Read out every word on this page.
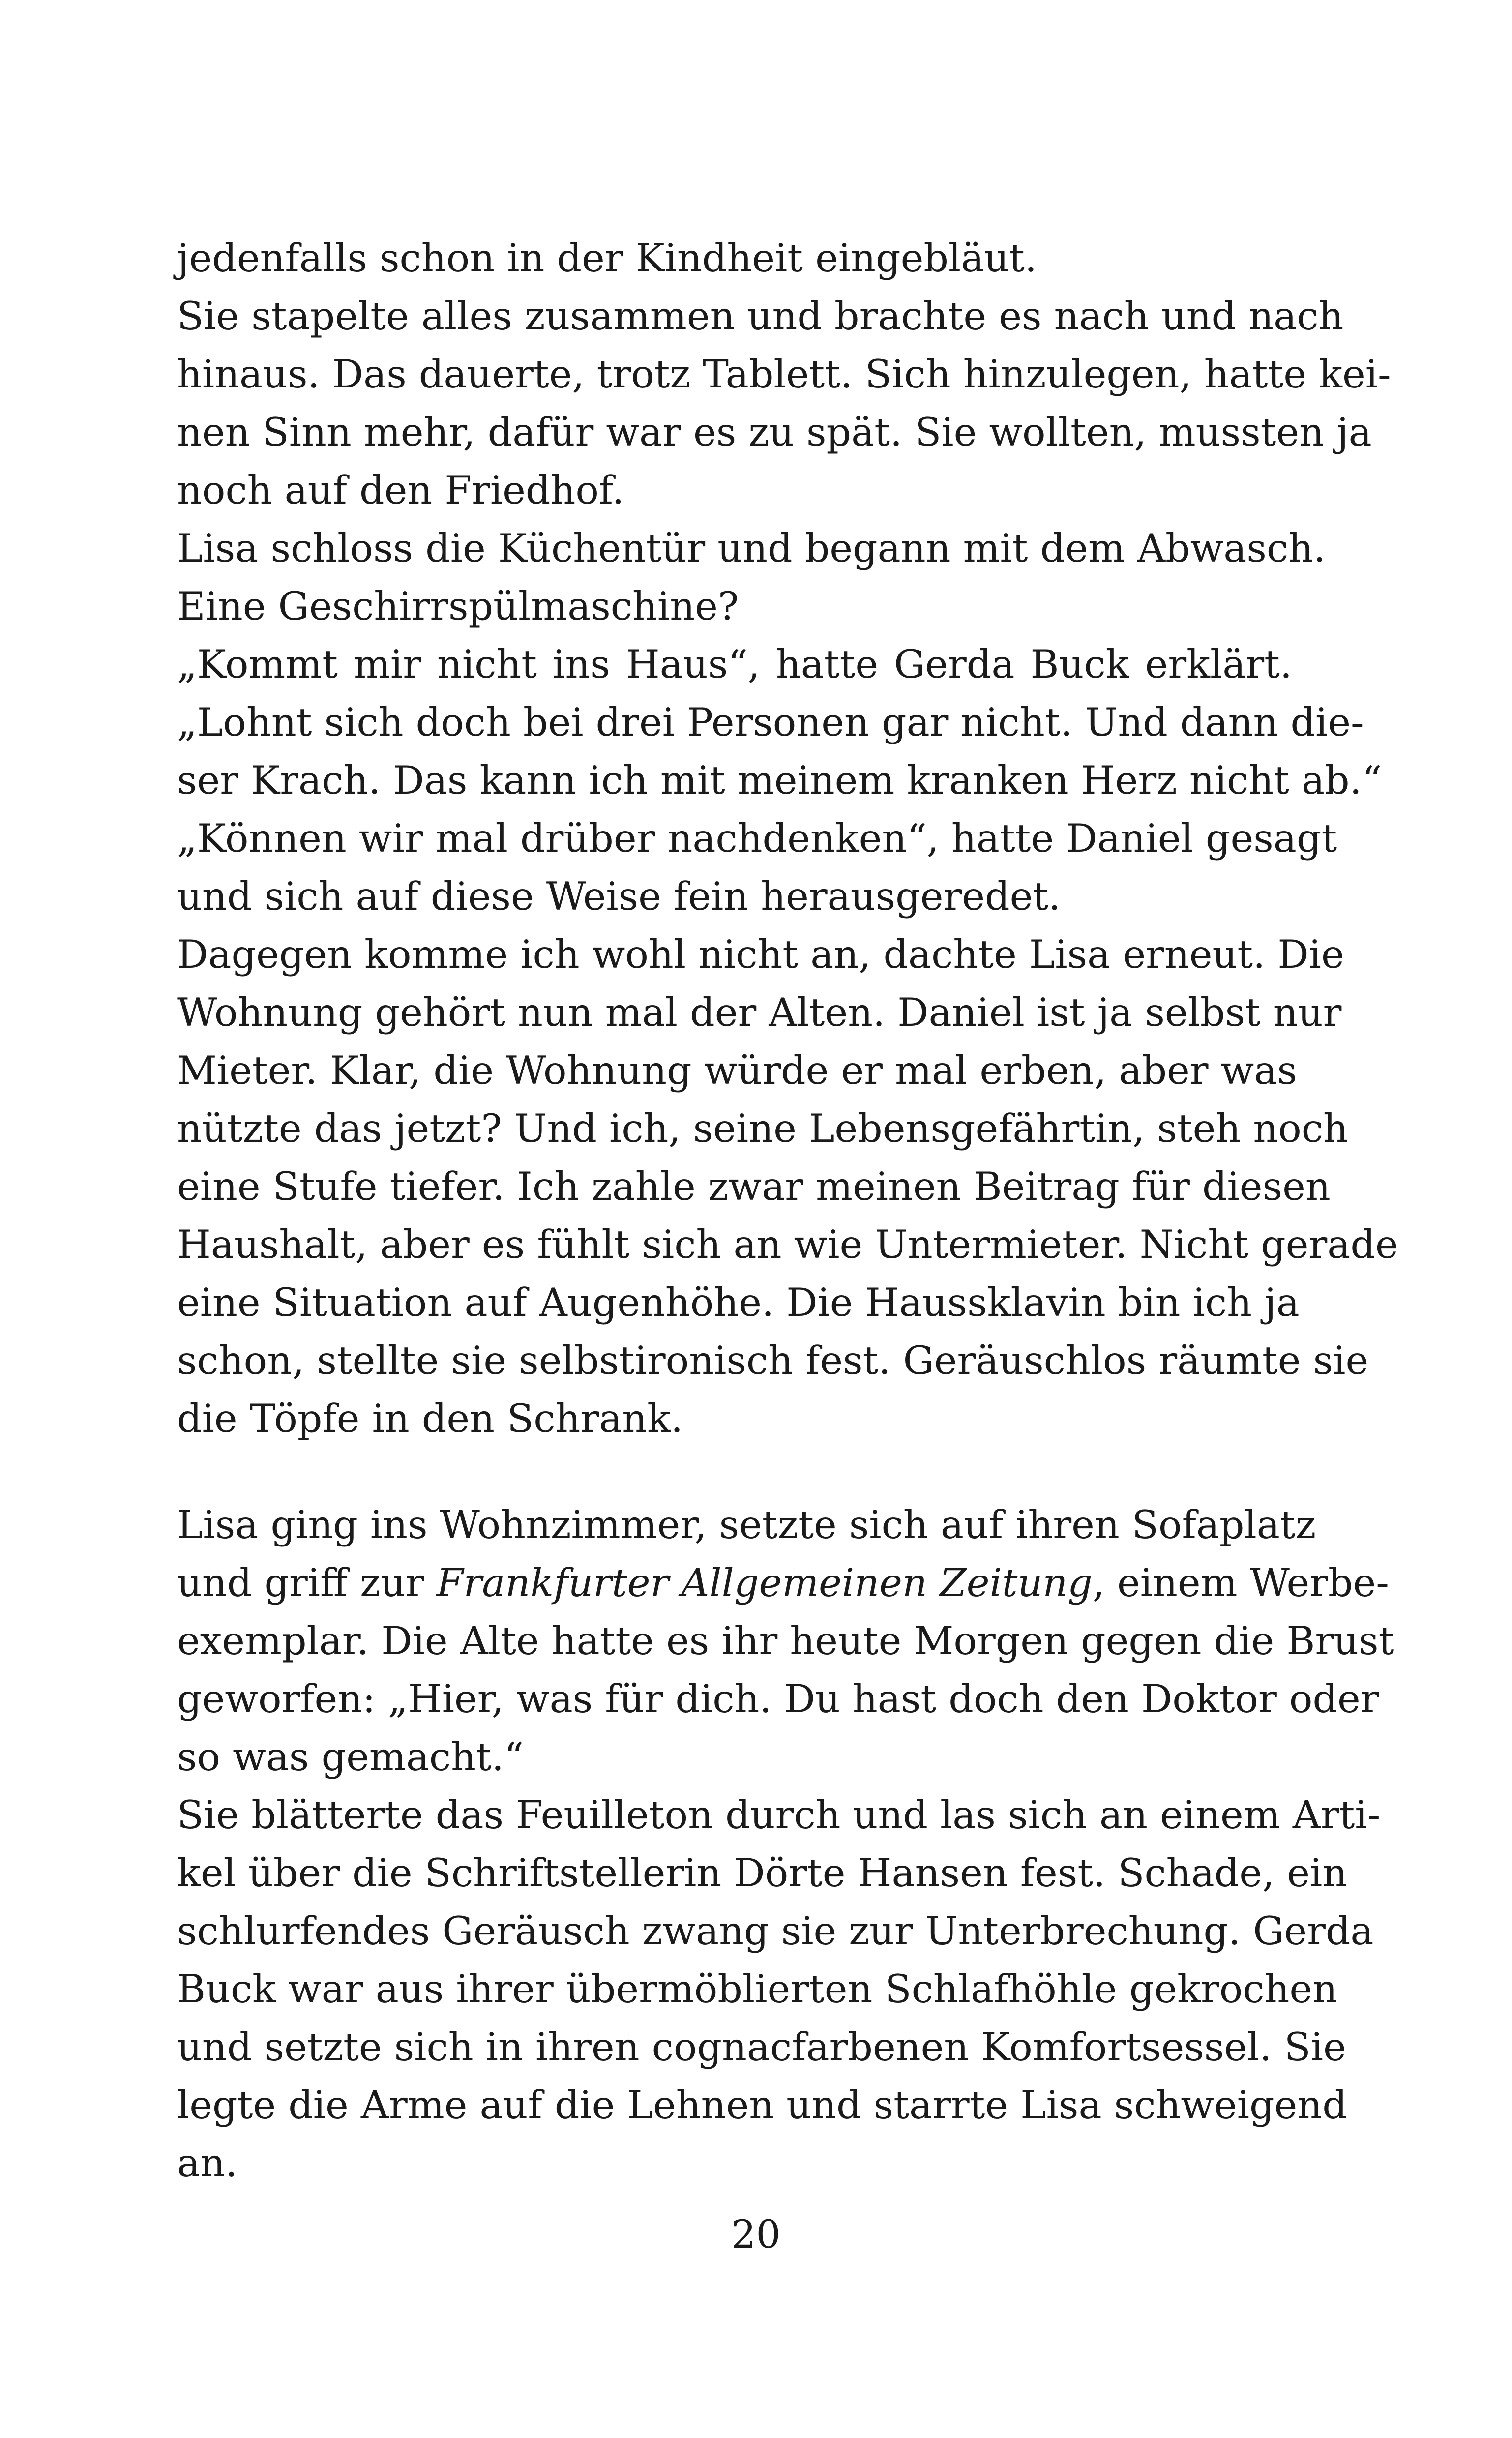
jedenfalls schon in der Kindheit eingebläut.
Sie stapelte alles zusammen und brachte es nach und nach
hinaus. Das dauerte, trotz Tablett. Sich hinzulegen, hatte kei-
nen Sinn mehr, dafür war es zu spät. Sie wollten, mussten ja
noch auf den Friedhof.
Lisa schloss die Küchentür und begann mit dem Abwasch.
Eine Geschirrspülmaschine?
„Kommt mir nicht ins Haus“, hatte Gerda Buck erklärt.
„Lohnt sich doch bei drei Personen gar nicht. Und dann die-
ser Krach. Das kann ich mit meinem kranken Herz nicht ab.“
„Können wir mal drüber nachdenken“, hatte Daniel gesagt
und sich auf diese Weise fein herausgeredet.
Dagegen komme ich wohl nicht an, dachte Lisa erneut. Die
Wohnung gehört nun mal der Alten. Daniel ist ja selbst nur
Mieter. Klar, die Wohnung würde er mal erben, aber was
nützte das jetzt? Und ich, seine Lebensgefährtin, steh noch
eine Stufe tiefer. Ich zahle zwar meinen Beitrag für diesen
Haushalt, aber es fühlt sich an wie Untermieter. Nicht gerade
eine Situation auf Augenhöhe. Die Haussklavin bin ich ja
schon, stellte sie selbstironisch fest. Geräuschlos räumte sie
die Töpfe in den Schrank.
Lisa ging ins Wohnzimmer, setzte sich auf ihren Sofaplatz
und griff zur Frankfurter Allgemeinen Zeitung, einem Werbe-
exemplar. Die Alte hatte es ihr heute Morgen gegen die Brust
geworfen: „Hier, was für dich. Du hast doch den Doktor oder
so was gemacht.“
Sie blätterte das Feuilleton durch und las sich an einem Arti-
kel über die Schriftstellerin Dörte Hansen fest. Schade, ein
schlurfendes Geräusch zwang sie zur Unterbrechung. Gerda
Buck war aus ihrer übermöblierten Schlafhöhle gekrochen
und setzte sich in ihren cognacfarbenen Komfortsessel. Sie
legte die Arme auf die Lehnen und starrte Lisa schweigend
an.
20
